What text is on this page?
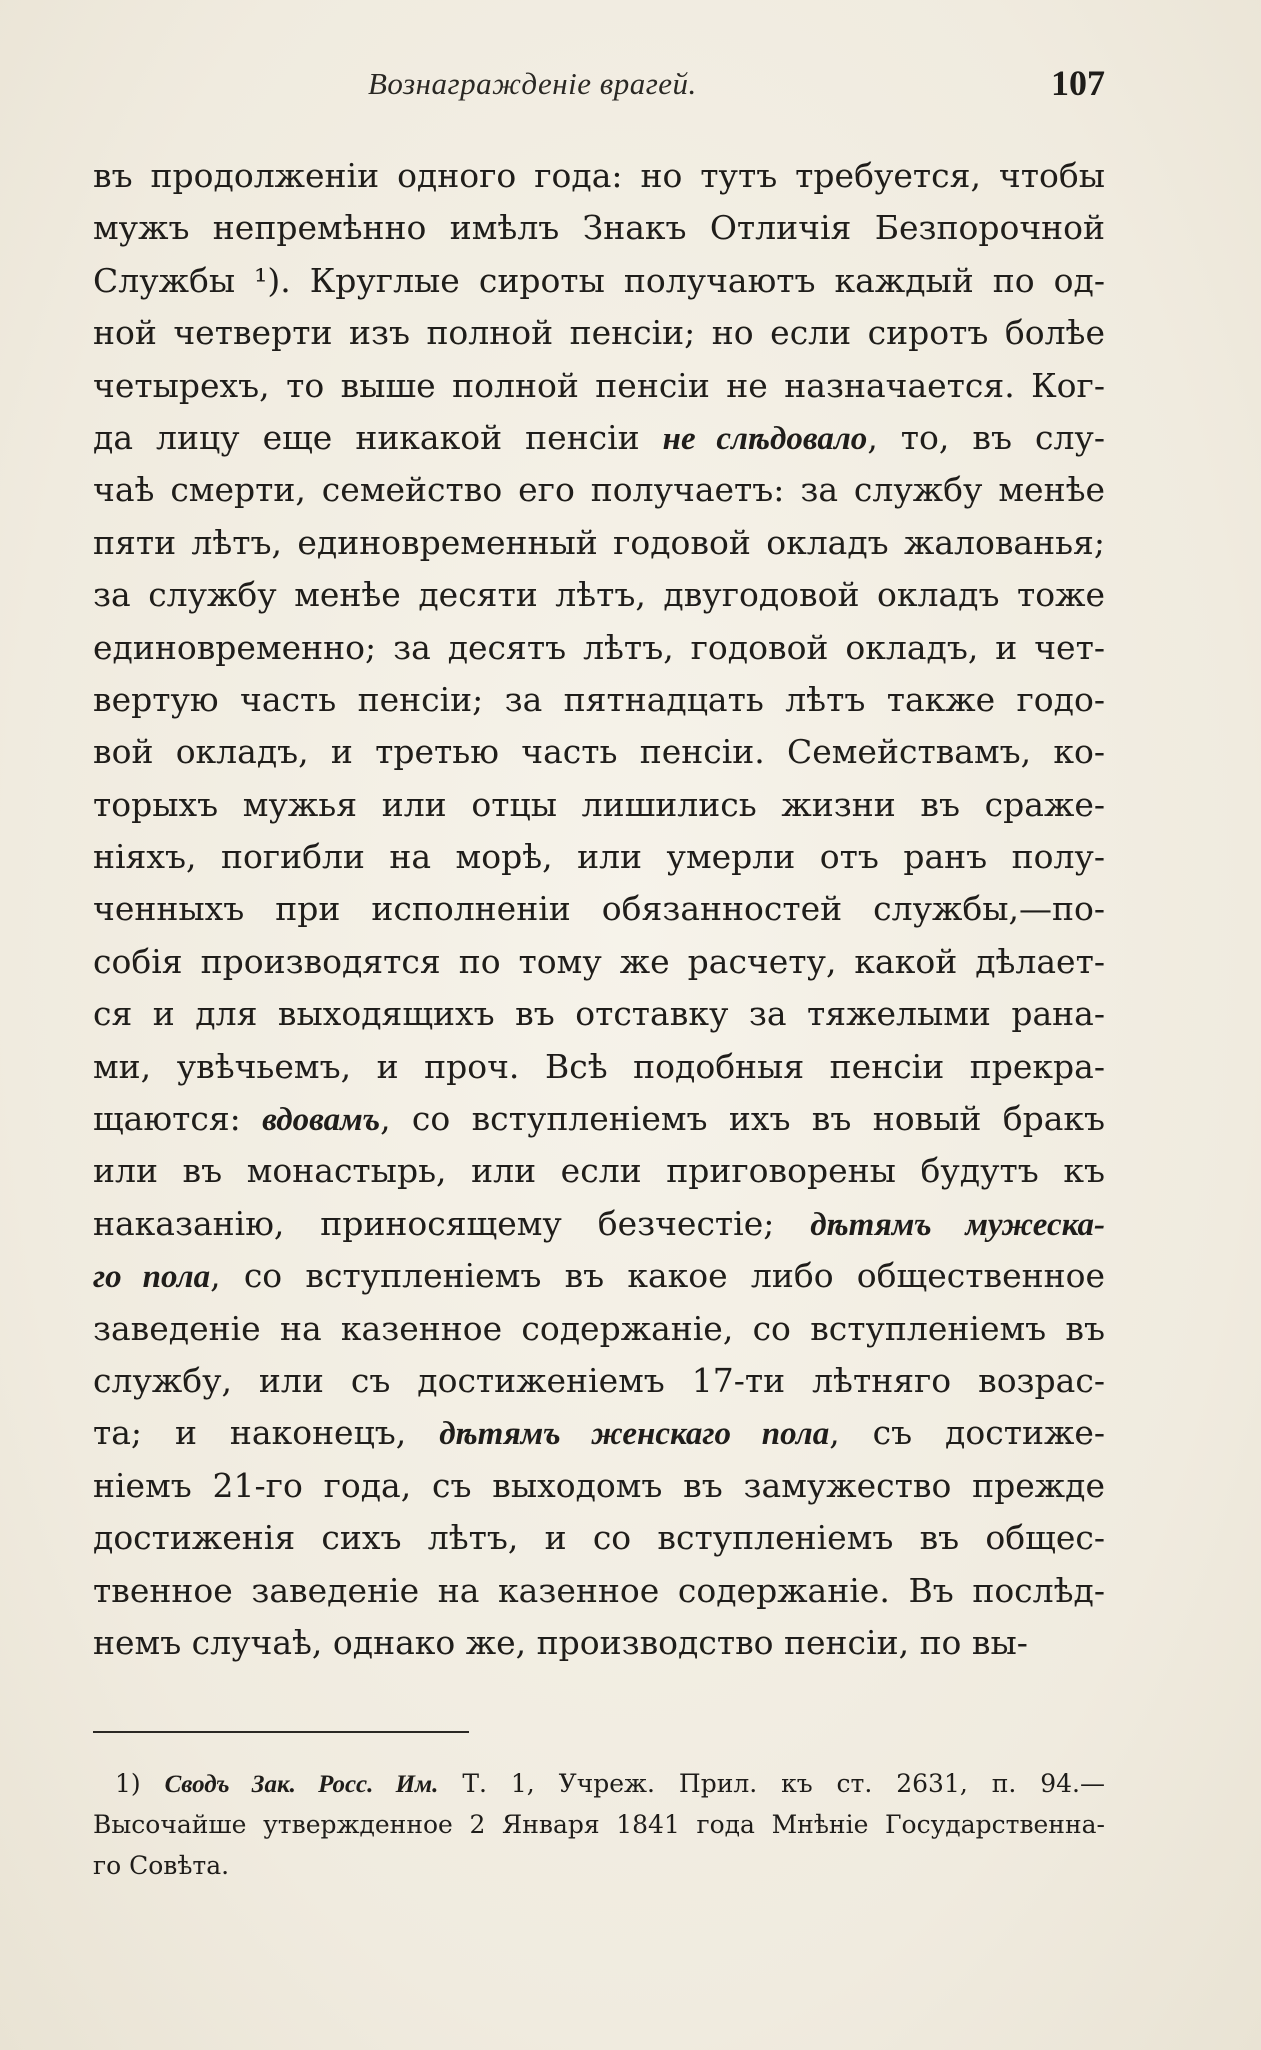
Вознагражденіе врагей.	107
въ продолженіи одного года: но тутъ требуется, чтобы
мужъ непремѣнно имѣлъ Знакъ Отличія Безпорочной
Службы ¹). Круглые сироты получаютъ каждый по од-
ной четверти изъ полной пенсіи; но если сиротъ болѣе
четырехъ, то выше полной пенсіи не назначается. Ког-
да лицу еще никакой пенсіи не слѣдовало, то, въ слу-
чаѣ смерти, семейство его получаетъ: за службу менѣе
пяти лѣтъ, единовременный годовой окладъ жалованья;
за службу менѣе десяти лѣтъ, двугодовой окладъ тоже
единовременно; за десятъ лѣтъ, годовой окладъ, и чет-
вертую часть пенсіи; за пятнадцать лѣтъ также годо-
вой окладъ, и третью часть пенсіи. Семействамъ, ко-
торыхъ мужья или отцы лишились жизни въ сраже-
ніяхъ, погибли на морѣ, или умерли отъ ранъ полу-
ченныхъ при исполненіи обязанностей службы,—по-
собія производятся по тому же расчету, какой дѣлает-
ся и для выходящихъ въ отставку за тяжелыми рана-
ми, увѣчьемъ, и проч. Всѣ подобныя пенсіи прекра-
щаются: вдовамъ, со вступленіемъ ихъ въ новый бракъ
или въ монастырь, или если приговорены будутъ къ
наказанію, приносящему безчестіе; дѣтямъ мужеска-
го пола, со вступленіемъ въ какое либо общественное
заведеніе на казенное содержаніе, со вступленіемъ въ
службу, или съ достиженіемъ 17-ти лѣтняго возрас-
та; и наконецъ, дѣтямъ женскаго пола, съ достиже-
ніемъ 21-го года, съ выходомъ въ замужество прежде
достиженія сихъ лѣтъ, и со вступленіемъ въ общес-
твенное заведеніе на казенное содержаніе. Въ послѣд-
немъ случаѣ, однако же, производство пенсіи, по вы-
1) Сводъ Зак. Росс. Им. Т. 1, Учреж. Прил. къ ст. 2631, п. 94.—
Высочайше утвержденное 2 Января 1841 года Мнѣніе Государственна-
го Совѣта.
